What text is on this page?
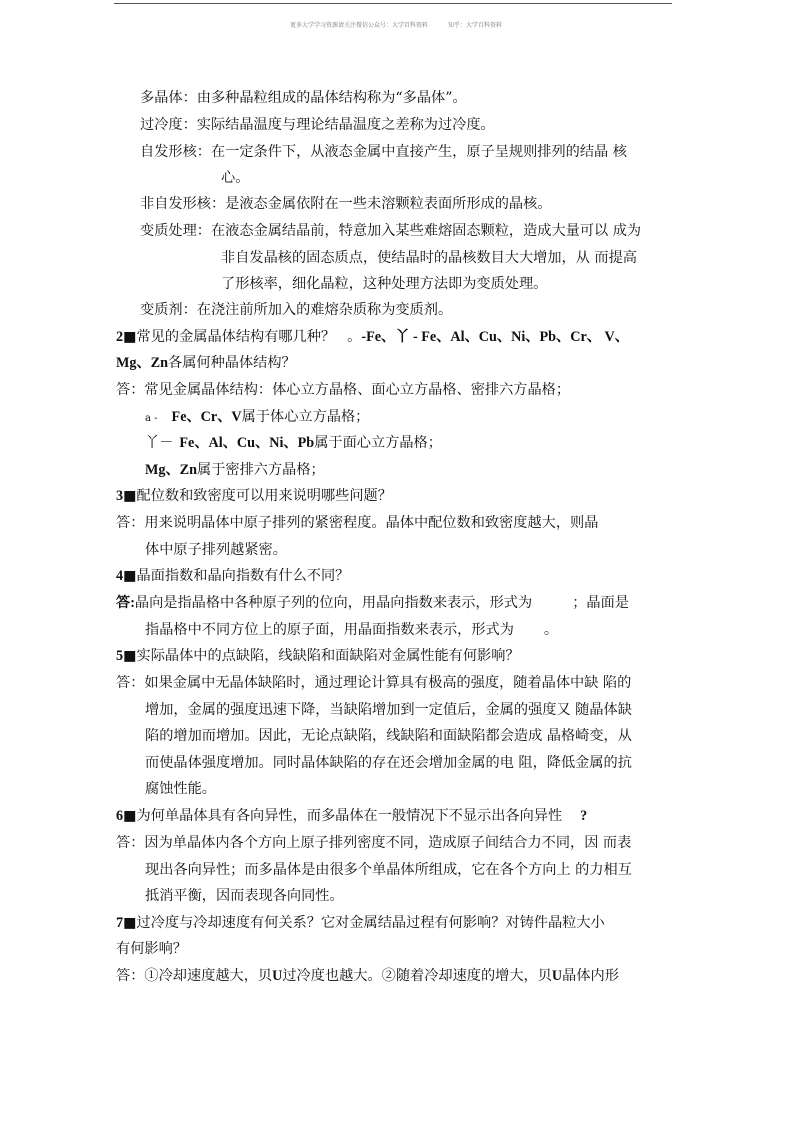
更多大学学习资源请关注微信公众号：大学百科资料	知乎：大学百科资料
多晶体：由多种晶粒组成的晶体结构称为“多晶体”。
过冷度：实际结晶温度与理论结晶温度之差称为过冷度。
自发形核：在一定条件下，从液态金属中直接产生，原子呈规则排列的结晶 核
心。
非自发形核：是液态金属依附在一些未溶颗粒表面所形成的晶核。
变质处理：在液态金属结晶前，特意加入某些难熔固态颗粒，造成大量可以 成为
非自发晶核的固态质点，使结晶时的晶核数目大大增加，从 而提高
了形核率，细化晶粒，这种处理方法即为变质处理。
变质剂：在浇注前所加入的难熔杂质称为变质剂。
2■常见的金属晶体结构有哪几种？ 。-Fe、丫 - Fe、Al、Cu、Ni、Pb、Cr、 V、
Mg、Zn各属何种晶体结构？
答：常见金属晶体结构：体心立方晶格、面心立方晶格、密排六方晶格；
a - Fe、Cr、V属于体心立方晶格；
丫－ Fe、Al、Cu、Ni、Pb属于面心立方晶格；
Mg、Zn属于密排六方晶格；
3■配位数和致密度可以用来说明哪些问题？
答：用来说明晶体中原子排列的紧密程度。晶体中配位数和致密度越大，则晶
体中原子排列越紧密。
4■晶面指数和晶向指数有什么不同？
答:晶向是指晶格中各种原子列的位向，用晶向指数来表示，形式为	；晶面是
指晶格中不同方位上的原子面，用晶面指数来表示，形式为 。
5■实际晶体中的点缺陷，线缺陷和面缺陷对金属性能有何影响？
答：如果金属中无晶体缺陷时，通过理论计算具有极高的强度，随着晶体中缺 陷的
增加，金属的强度迅速下降，当缺陷增加到一定值后，金属的强度又 随晶体缺
陷的增加而增加。因此，无论点缺陷，线缺陷和面缺陷都会造成 晶格崎变，从
而使晶体强度增加。同时晶体缺陷的存在还会增加金属的电 阻，降低金属的抗
腐蚀性能。
6■为何单晶体具有各向异性，而多晶体在一般情况下不显示出各向异性 ?
答：因为单晶体内各个方向上原子排列密度不同，造成原子间结合力不同，因 而表
现出各向异性；而多晶体是由很多个单晶体所组成，它在各个方向上 的力相互
抵消平衡，因而表现各向同性。
7■过冷度与冷却速度有何关系？它对金属结晶过程有何影响？对铸件晶粒大小
有何影响？
答：①冷却速度越大，贝U过冷度也越大。②随着冷却速度的增大，贝U晶体内形
